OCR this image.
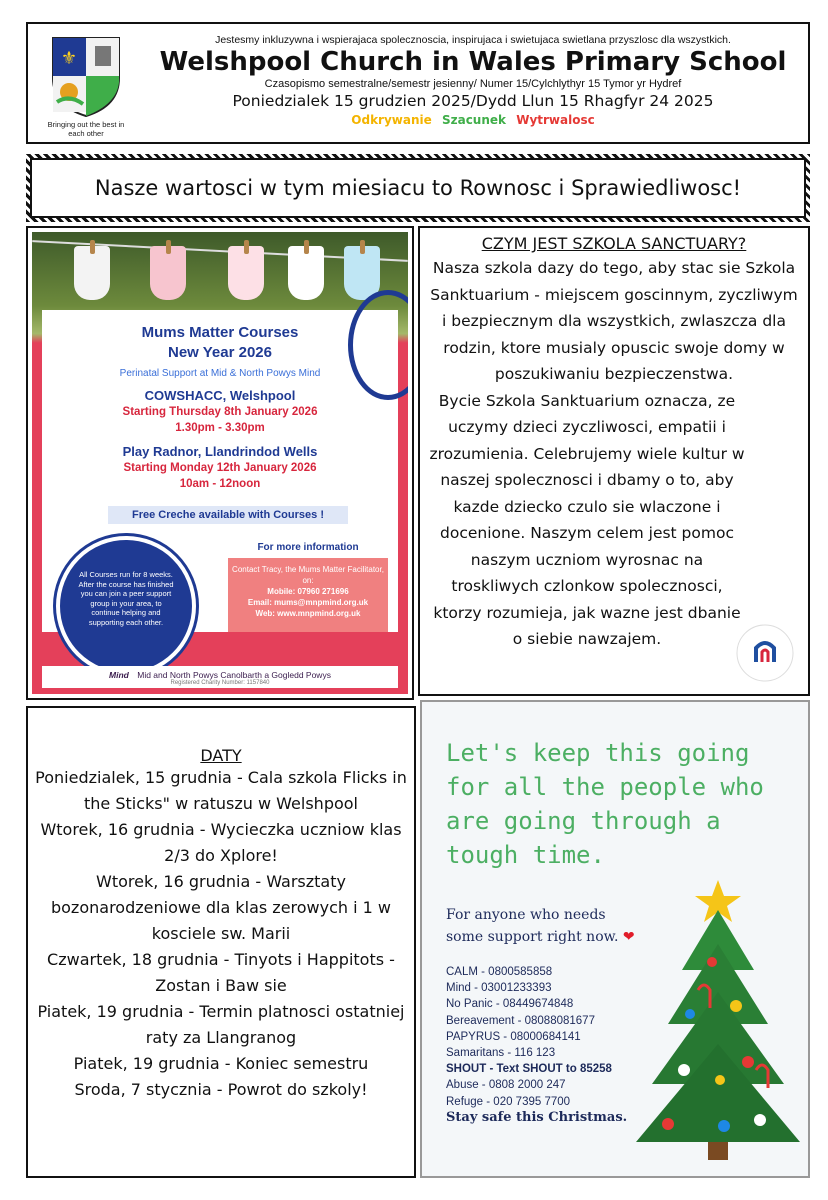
⚜
Bringing out the best in each other
Jestesmy inkluzywna i wspierajaca spolecznoscia, inspirujaca i swietujaca swietlana przyszlosc dla wszystkich.
Welshpool Church in Wales Primary School
Czasopismo semestralne/semestr jesienny/ Numer 15/Cylchlythyr 15 Tymor yr Hydref
Poniedzialek 15 grudzien 2025/Dydd Llun 15 Rhagfyr 24 2025
Odkrywanie Szacunek Wytrwalosc
Nasze wartosci w tym miesiacu to Rownosc i Sprawiedliwosc!
Mums Matter Courses
New Year 2026
Perinatal Support at Mid & North Powys Mind
COWSHACC, Welshpool
Starting Thursday 8th January 2026
1.30pm - 3.30pm
Play Radnor, Llandrindod Wells
Starting Monday 12th January 2026
10am - 12noon
Free Creche available with Courses !
All Courses run for 8 weeks. After the course has finished you can join a peer support group in your area, to continue helping and supporting each other.
For more information
Contact Tracy, the Mums Matter Facilitator, on:
Mobile: 07960 271696
Email: mums@mnpmind.org.uk
Web: www.mnpmind.org.uk
Mind Mid and North Powys Canolbarth a Gogledd Powys
Registered Charity Number: 1157840
CZYM JEST SZKOLA SANCTUARY?
Nasza szkola dazy do tego, aby stac sie Szkola Sanktuarium - miejscem goscinnym, zyczliwym i bezpiecznym dla wszystkich, zwlaszcza dla rodzin, ktore musialy opuscic swoje domy w poszukiwaniu bezpieczenstwa.
Bycie Szkola Sanktuarium oznacza, ze uczymy dzieci zyczliwosci, empatii i zrozumienia. Celebrujemy wiele kultur w naszej spolecznosci i dbamy o to, aby kazde dziecko czulo sie wlaczone i docenione. Naszym celem jest pomoc naszym uczniom wyrosnac na troskliwych czlonkow spolecznosci, ktorzy rozumieja, jak wazne jest dbanie o siebie nawzajem.
DATY
Poniedzialek, 15 grudnia - Cala szkola Flicks in the Sticks" w ratuszu w Welshpool
Wtorek, 16 grudnia - Wycieczka uczniow klas 2/3 do Xplore!
Wtorek, 16 grudnia - Warsztaty bozonarodzeniowe dla klas zerowych i 1 w kosciele sw. Marii
Czwartek, 18 grudnia - Tinyots i Happitots - Zostan i Baw sie
Piatek, 19 grudnia - Termin platnosci ostatniej raty za Llangranog
Piatek, 19 grudnia - Koniec semestru
Sroda, 7 stycznia - Powrot do szkoly!
Let's keep this going for all the people who are going through a tough time.
For anyone who needs some support right now. ❤
CALM - 0800585858
Mind - 03001233393
No Panic - 08449674848
Bereavement - 08088081677
PAPYRUS - 08000684141
Samaritans - 116 123
SHOUT - Text SHOUT to 85258
Abuse - 0808 2000 247
Refuge - 020 7395 7700
Stay safe this Christmas.
